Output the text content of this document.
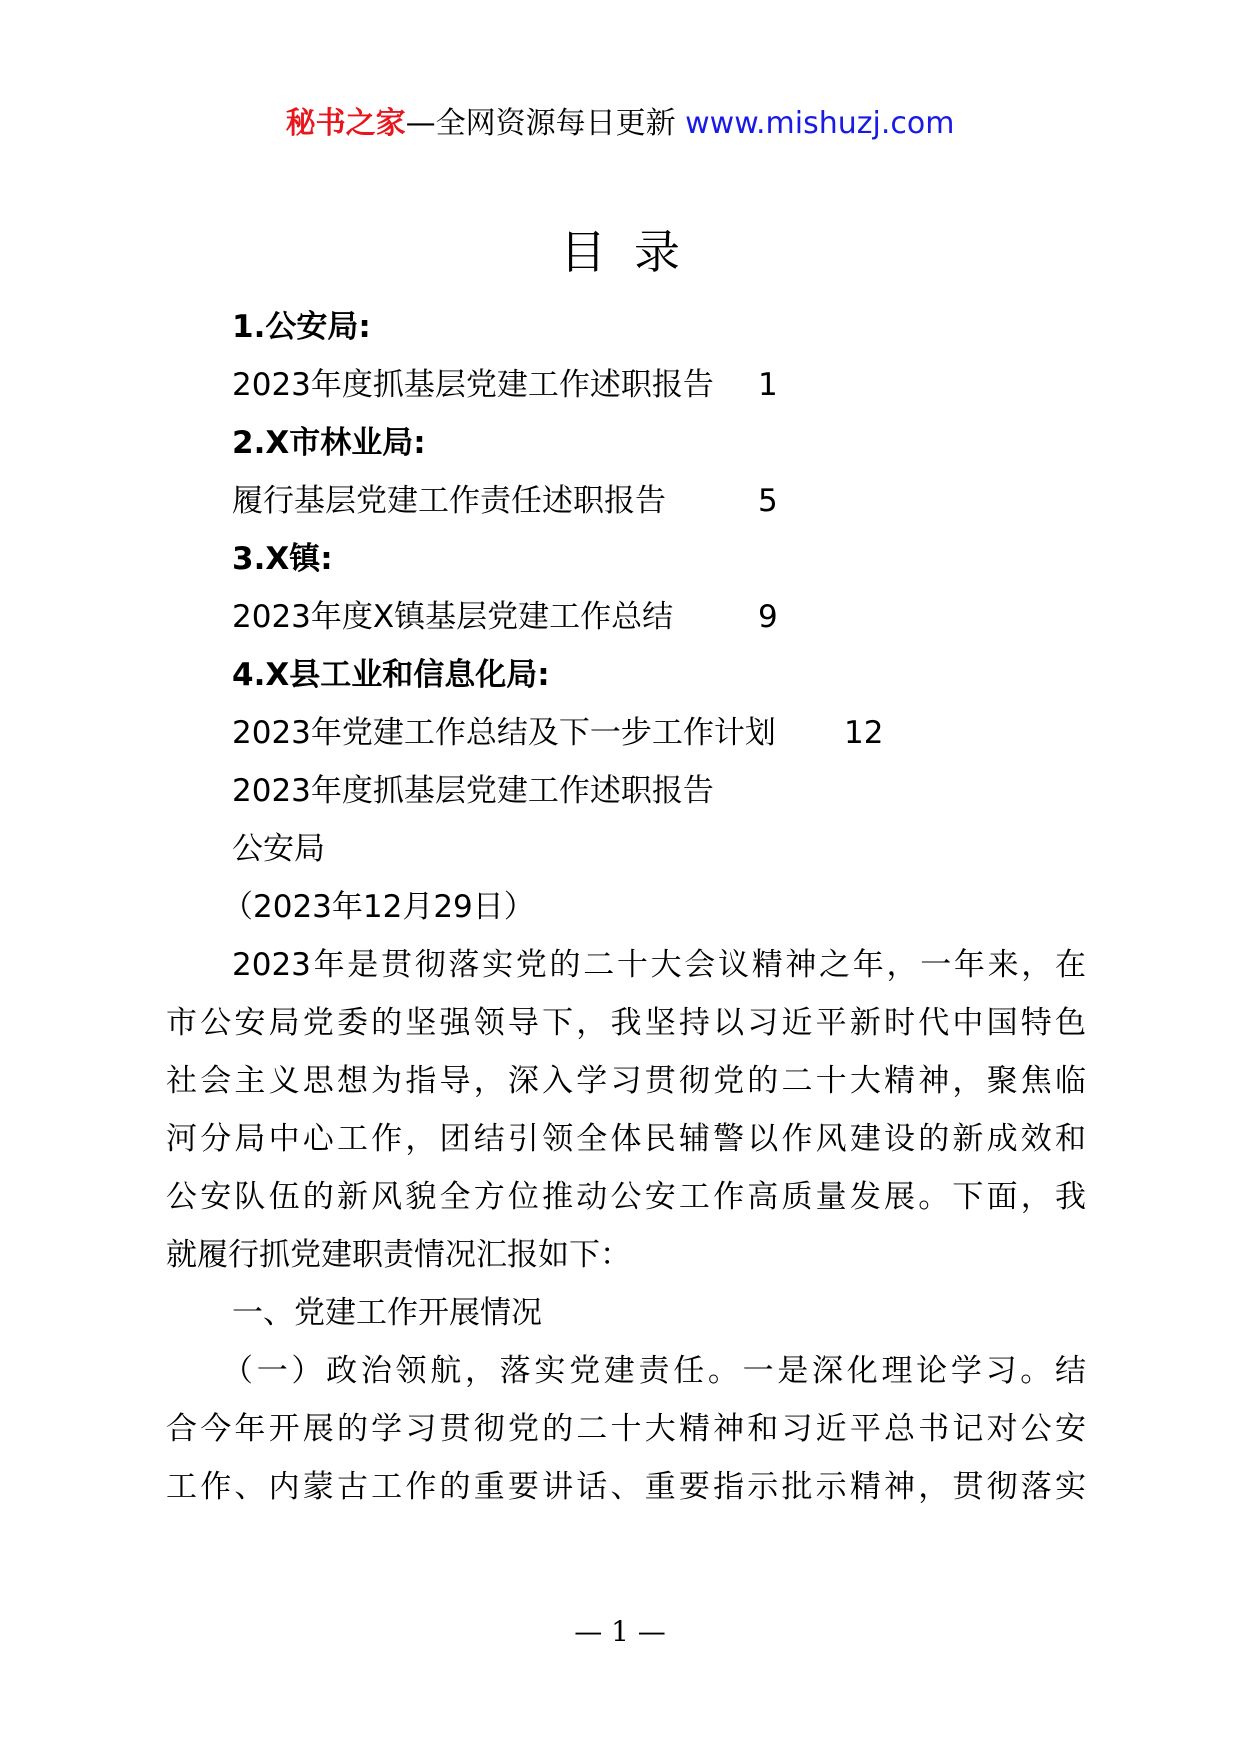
秘书之家—全网资源每日更新 www.mishuzj.com
目录
1.公安局:
2023年度抓基层党建工作述职报告 1
2.X市林业局:
履行基层党建工作责任述职报告	5
3.X镇:
2023年度X镇基层党建工作总结	9
4.X县工业和信息化局:
2023年党建工作总结及下一步工作计划 12
2023年度抓基层党建工作述职报告
公安局
（2023年12月29日）
2023年是贯彻落实党的二十大会议精神之年，一年来，在
市公安局党委的坚强领导下，我坚持以习近平新时代中国特色
社会主义思想为指导，深入学习贯彻党的二十大精神，聚焦临
河分局中心工作，团结引领全体民辅警以作风建设的新成效和
公安队伍的新风貌全方位推动公安工作高质量发展。下面，我
就履行抓党建职责情况汇报如下：
一、党建工作开展情况
（一）政治领航，落实党建责任。一是深化理论学习。结
合今年开展的学习贯彻党的二十大精神和习近平总书记对公安
工作、内蒙古工作的重要讲话、重要指示批示精神，贯彻落实
— 1 —
